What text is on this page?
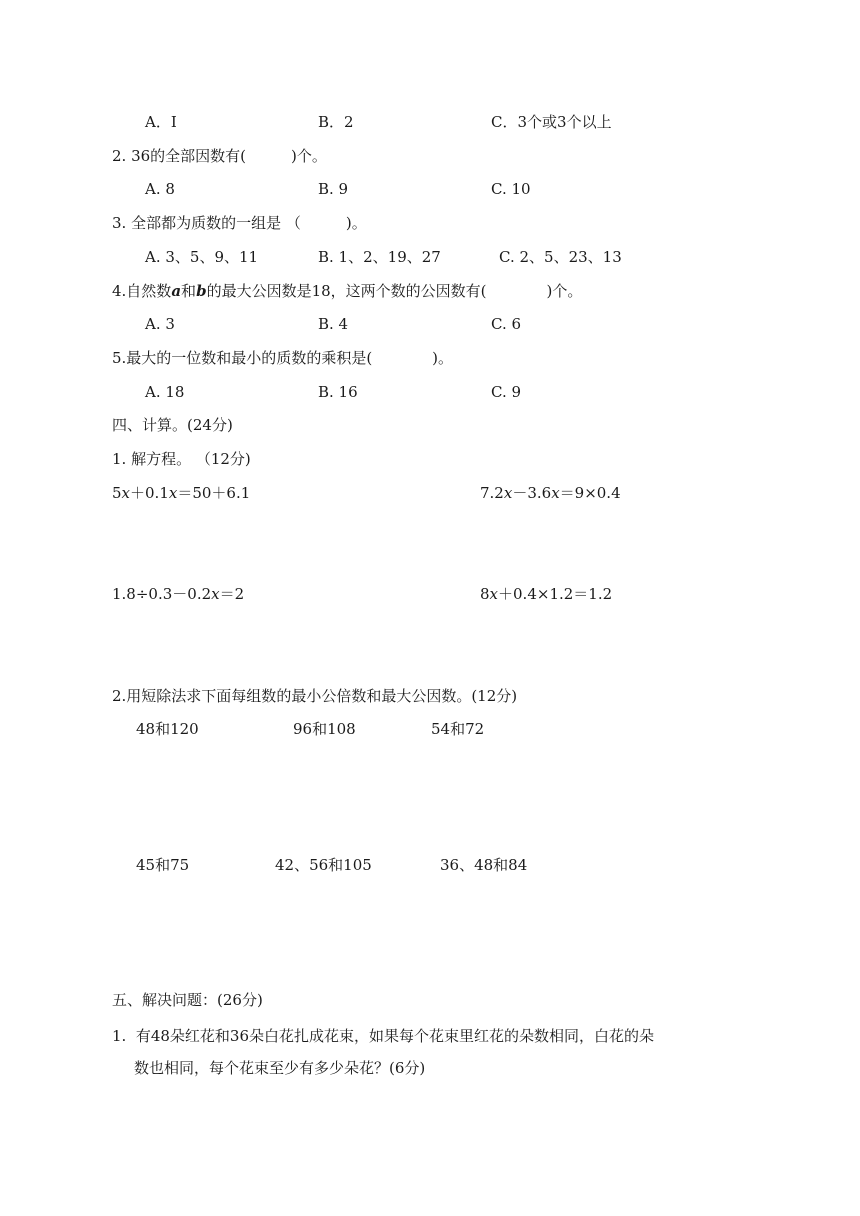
A．I	B．2	C．3个或3个以上
2. 36的全部因数有(　　　)个。
A. 8	B. 9	C. 10
3. 全部都为质数的一组是 （　　　)。
A. 3、5、9、11	B. 1、2、19、27	C. 2、5、23、13
4.自然数a和b的最大公因数是18，这两个数的公因数有(　　　　)个。
A. 3	B. 4	C. 6
5.最大的一位数和最小的质数的乘积是(　　　　)。
A. 18	B. 16	C. 9
四、计算。(24分)
1. 解方程。 （12分)
5x＋0.1x＝50＋6.1	7.2x－3.6x＝9×0.4
1.8÷0.3－0.2x＝2	8x＋0.4×1.2＝1.2
2.用短除法求下面每组数的最小公倍数和最大公因数。(12分)
48和120	96和108	54和72
45和75	42、56和105	36、48和84
五、解决问题：(26分)
1.  有48朵红花和36朵白花扎成花束，如果每个花束里红花的朵数相同，白花的朵
数也相同，每个花束至少有多少朵花？(6分)
